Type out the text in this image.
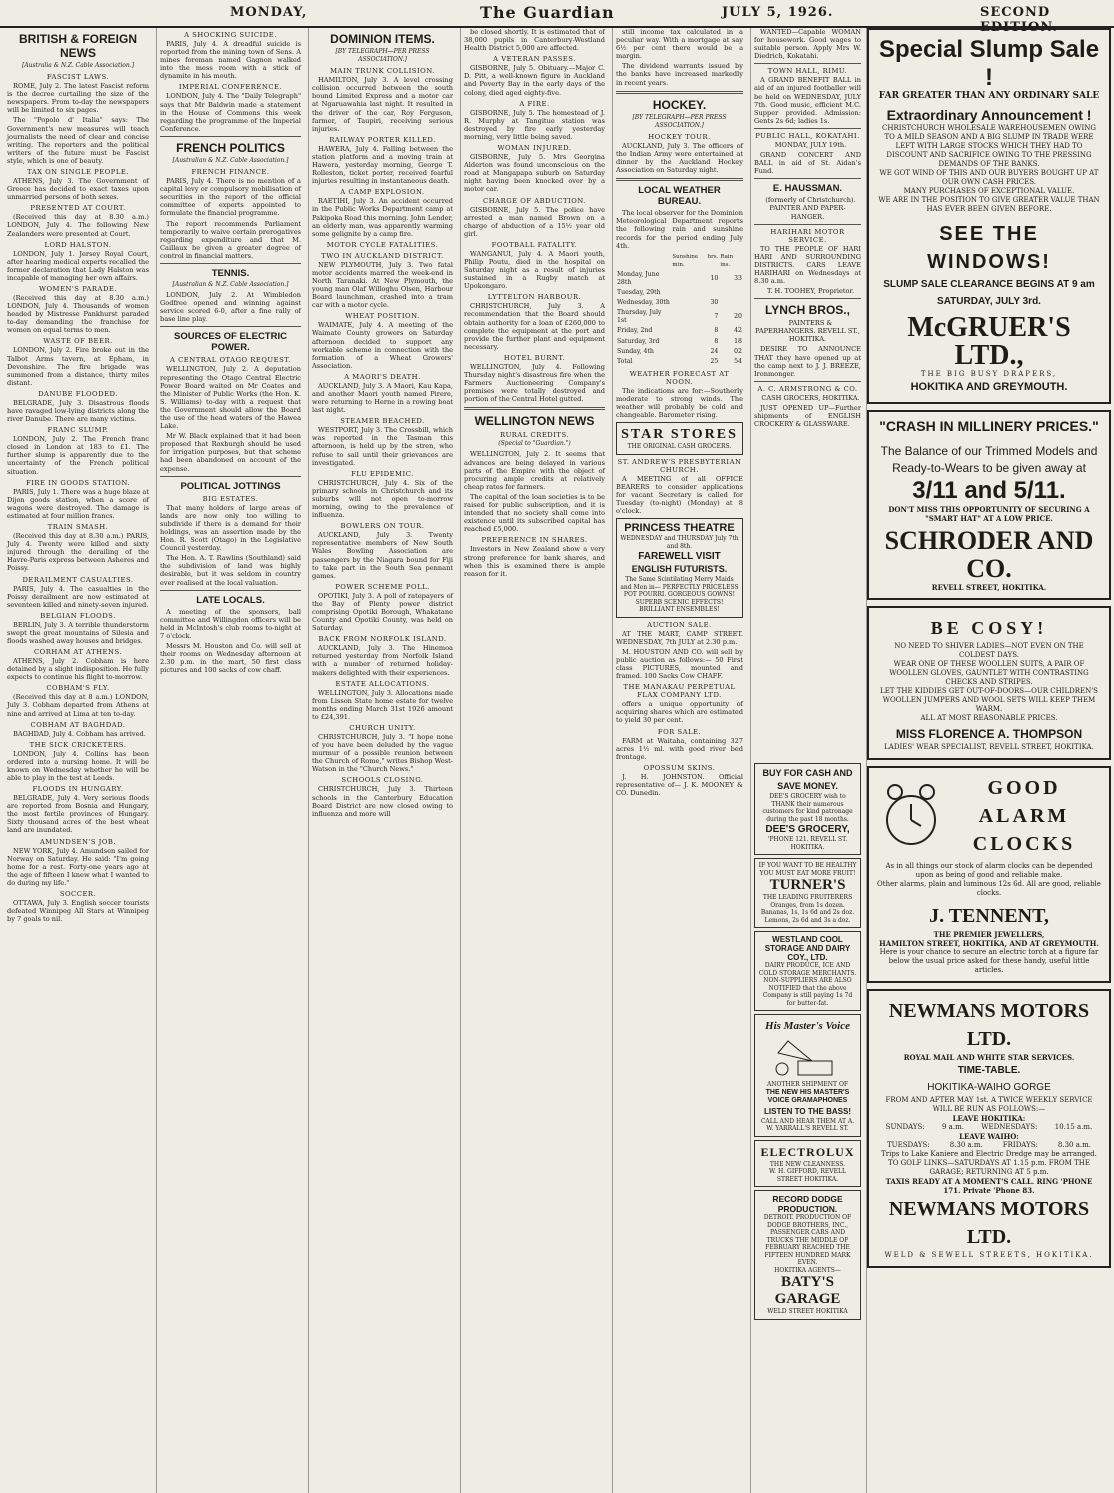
MONDAY,	The Guardian	JULY 5, 1926.	SECOND EDITION.
BRITISH & FOREIGN NEWS
[Australia & N.Z. Cable Association.]
FASCIST LAWS.

ROME, July 2. The latest Fascist reform is the decree curtailing the size of the newspapers. From to-day the newspapers will be limited to six pages.

The "Popolo d' Italia" says: The Government's new measures will teach journalists the need of clear and concise writing. The reporters and the political writers of the future must be Fascist style, which is one of beauty.

TAX ON SINGLE PEOPLE.

ATHENS, July 3. The Government of Greece has decided to exact taxes upon unmarried persons of both sexes.

PRESENTED AT COURT.

(Received this day at 8.30 a.m.) LONDON, July 4. The following New Zealanders were presented at Court.

LORD HALSTON.

LONDON, July 1. Jersey Royal Court, after hearing medical experts recalled the former declaration that Lady Halston was incapable of managing her own affairs.

WOMEN'S PARADE.

(Received this day at 8.30 a.m.) LONDON, July 4. Thousands of women headed by Mistresse Pankhurst paraded to-day demanding the franchise for women on equal terms to men.

WASTE OF BEER.

LONDON, July 2. Fire broke out in the Talbot Arms tavern, at Epham, in Devonshire. The fire brigade was summoned from a distance, thirty miles distant.

DANUBE FLOODED.

BELGRADE, July 3. Disastrous floods have ravaged low-lying districts along the river Danube. There are many victims.

FRANC SLUMP.

LONDON, July 2. The French franc closed in London at 183 to £1. The further slump is apparently due to the uncertainty of the French political situation.

FIRE IN GOODS STATION.

PARIS, July 1. There was a huge blaze at Dijon goods station, when a score of wagons were destroyed. The damage is estimated at four million francs.

TRAIN SMASH.

(Received this day at 8.30 a.m.) PARIS, July 4. Twenty were killed and sixty injured through the derailing of the Havre-Paris express between Asheres and Poissy.

DERAILMENT CASUALTIES.

PARIS, July 4. The casualties in the Poissy derailment are now estimated at seventeen killed and ninety-seven injured.

BELGIAN FLOODS.

BERLIN, July 3. A terrible thunderstorm swept the great mountains of Silesia and floods washed away houses and bridges.

CORHAM AT ATHENS.

ATHENS, July 2. Cobham is here detained by a slight indisposition. He fully expects to continue his flight to-morrow.

COBHAM'S FLY.

(Received this day at 8 a.m.) LONDON, July 3. Cobham departed from Athens at nine and arrived at Lima at ten to-day.

COBHAM AT BAGHDAD.

BAGHDAD, July 4. Cobham has arrived.

THE SICK CRICKETERS.

LONDON, July 4. Collins has been ordered into a nursing home. It will be known on Wednesday whether he will be able to play in the test at Leeds.

FLOODS IN HUNGARY.

BELGRADE, July 4. Very serious floods are reported from Bosnia and Hungary, the most fertile provinces of Hungary. Sixty thousand acres of the best wheat land are inundated.

AMUNDSEN'S JOB.

NEW YORK, July 4. Amundsen sailed for Norway on Saturday. He said: "I'm going home for a rest. Forty-one years ago at the age of fifteen I knew what I wanted to do during my life."

SOCCER.

OTTAWA, July 3. English soccer tourists defeated Winnipeg All Stars at Winnipeg by 7 goals to nil.

A SHOCKING SUICIDE.

PARIS, July 4. A dreadful suicide is reported from the mining town of Sens. A mines foreman named Gagnon walked into the mess room with a stick of dynamite in his mouth.

IMPERIAL CONFERENCE.

LONDON, July 4. The "Daily Telegraph" says that Mr Baldwin made a statement in the House of Commons this week regarding the programme of the Imperial Conference.

FRENCH POLITICS
[Australian & N.Z. Cable Association.]
FRENCH FINANCE.

PARIS, July 4. There is no mention of a capital levy or compulsory mobilisation of securities in the report of the official committee of experts appointed to formulate the financial programme.

The report recommends Parliament temporarily to waive certain prerogatives regarding expenditure and that M. Caillaux be given a greater degree of control in financial matters.

TENNIS.
[Australian & N.Z. Cable Association.]

LONDON, July 2. At Wimbledon Godfree opened and winning against service scored 6-0, after a fine rally of base line play.

SOURCES OF ELECTRIC POWER.
A CENTRAL OTAGO REQUEST.

WELLINGTON, July 2. A deputation representing the Otago Central Electric Power Board waited on Mr Coates and the Minister of Public Works (the Hon. K. S. Williams) to-day with a request that the Government should allow the Board the use of the head waters of the Hawea Lake.

Mr W. Black explained that it had been proposed that Roxburgh should be used for irrigation purposes, but that scheme had been abandoned on account of the expense.

POLITICAL JOTTINGS
BIG ESTATES.

That many holders of large areas of lands are now only too willing to subdivide if there is a demand for their holdings, was an assertion made by the Hon. R. Scott (Otago) in the Legislative Council yesterday.

The Hon. A. T. Rawlins (Southland) said the subdivision of land was highly desirable, but it was seldom in country ever realised at the local valuation.

LATE LOCALS.

A meeting of the sponsors, ball committee and Willingdon officers will be held in McIntosh's club rooms to-night at 7 o'clock.

Messrs M. Houston and Co. will sell at their rooms on Wednesday afternoon at 2.30 p.m. in the mart, 50 first class pictures and 100 sacks of cow chaff.

DOMINION ITEMS.
[BY TELEGRAPH—PER PRESS ASSOCIATION.]
MAIN TRUNK COLLISION.

HAMILTON, July 3. A level crossing collision occurred between the south bound Limited Express and a motor car at Ngaruawahia last night. It resulted in the driver of the car, Roy Ferguson, farmer, of Taupiri, receiving serious injuries.

RAILWAY PORTER KILLED.

HAWERA, July 4. Falling between the station platform and a moving train at Hawera, yesterday morning, George T. Rolleston, ticket porter, received fearful injuries resulting in instantaneous death.

A CAMP EXPLOSION.

RAETIHI, July 3. An accident occurred in the Public Works Department camp at Pakipoka Road this morning. John Lender, an elderly man, was apparently warming some gelignite by a camp fire.

MOTOR CYCLE FATALITIES.
TWO IN AUCKLAND DISTRICT.

NEW PLYMOUTH, July 3. Two fatal motor accidents marred the week-end in North Taranaki. At New Plymouth, the young man Olaf Willoghu Olsen, Harbour Board launchman, crashed into a tram car with a motor cycle.

WHEAT POSITION.

WAIMATE, July 4. A meeting of the Waimate County growers on Saturday afternoon decided to support any workable scheme in connection with the formation of a Wheat Growers' Association.

A MAORI'S DEATH.

AUCKLAND, July 3. A Maori, Kau Kapa, and another Maori youth named Pirere, were returning to Herne in a rowing boat last night.

STEAMER BEACHED.

WESTPORT, July 3. The Crossbill, which was reported in the Tasman this afternoon, is held up by the stren, who refuse to sail until their grievances are investigated.

FLU EPIDEMIC.

CHRISTCHURCH, July 4. Six of the primary schools in Christchurch and its suburbs will not open to-morrow morning, owing to the prevalence of influenza.

BOWLERS ON TOUR.

AUCKLAND, July 3. Twenty representative members of New South Wales Bowling Association are passengers by the Niagara bound for Fiji to take part in the South Sea pennant games.

POWER SCHEME POLL.

OPOTIKI, July 3. A poll of ratepayers of the Bay of Plenty power district comprising Opotiki Borough, Whakatane County and Opotiki County, was held on Saturday.

BACK FROM NORFOLK ISLAND.

AUCKLAND, July 3. The Hinemoa returned yesterday from Norfolk Island with a number of returned holiday-makers delighted with their experiences.

ESTATE ALLOCATIONS.

WELLINGTON, July 3. Allocations made from Lisson State home estate for twelve months ending March 31st 1926 amount to £24,391.

CHURCH UNITY.

CHRISTCHURCH, July 3. "I hope none of you have been deluded by the vague murmur of a possible reunion between the Church of Rome," writes Bishop West-Watson in the "Church News."

SCHOOLS CLOSING.

CHRISTCHURCH, July 3. Thirteen schools in the Canterbury Education Board District are now closed owing to influenza and more will

be closed shortly. It is estimated that of 38,000 pupils in Canterbury-Westland Health District 5,000 are affected.

A VETERAN PASSES.

GISBORNE, July 5. Obituary.—Major C. D. Pitt, a well-known figure in Auckland and Poverty Bay in the early days of the colony, died aged eighty-five.

A FIRE.

GISBORNE, July 5. The homestead of J. R. Murphy at Tangitue station was destroyed by fire early yesterday morning, very little being saved.

WOMAN INJURED.

GISBORNE, July 5. Mrs Georgina Alderton was found unconscious on the road at Mangapapa suburb on Saturday night having been knocked over by a motor car.

CHARGE OF ABDUCTION.

GISBORNE, July 5. The police have arrested a man named Brown on a charge of abduction of a 15½ year old girl.

FOOTBALL FATALITY.

WANGANUI, July 4. A Maori youth, Philip Poutu, died in the hospital on Saturday night as a result of injuries sustained in a Rugby match at Upokongaro.

LYTTELTON HARBOUR.

CHRISTCHURCH, July 3. A recommendation that the Board should obtain authority for a loan of £260,000 to complete the equipment at the port and provide the further plant and equipment necessary.

HOTEL BURNT.

WELLINGTON, July 4. Following Thursday night's disastrous fire when the Farmers Auctioneering Company's premises were totally destroyed and portion of the Central Hotel gutted.

WELLINGTON NEWS
RURAL CREDITS.
(Special to "Guardian.")

WELLINGTON, July 2. It seems that advances are being delayed in various parts of the Empire with the object of procuring ample credits at relatively cheap rates for farmers.

The capital of the loan societies is to be raised for public subscription, and it is intended that no society shall come into existence until its subscribed capital has reached £5,000.

PREFERENCE IN SHARES.

Investors in New Zealand show a very strong preference for bank shares, and when this is examined there is ample reason for it.

still income tax calculated in a peculiar way. With a mortgage at say 6½ per cent there would be a margin.

The dividend warrants issued by the banks have increased markedly in recent years.

HOCKEY.
[BY TELEGRAPH—PER PRESS ASSOCIATION.]
HOCKEY TOUR.

AUCKLAND, July 3. The officers of the Indian Army were entertained at dinner by the Auckland Hockey Association on Saturday night.

LOCAL WEATHER BUREAU.

The local observer for the Dominion Meteorological Department reports the following rain and sunshine records for the period ending July 4th.

	Sunshine hrs. min.	Rain ins.
Monday, June 28th	10	33
Tuesday, 29th		
Wednesday, 30th	30	
Thursday, July 1st	7	20
Friday, 2nd	8	42
Saturday, 3rd	8	18
Sunday, 4th	24	02
Total	25	54
WEATHER FORECAST AT NOON.

The indications are for:—Southerly moderate to strong winds. The weather will probably be cold and changeable. Barometer rising.

STAR STORES
THE ORIGINAL CASH GROCERS.
ST. ANDREW'S PRESBYTERIAN CHURCH.

A MEETING of all OFFICE BEARERS to consider applications for vacant Secretary is called for Tuesday (to-night) (Monday) at 8 o'clock.

PRINCESS THEATRE
WEDNESDAY and THURSDAY July 7th and 8th.
FAREWELL VISIT
ENGLISH FUTURISTS.
The Same Scintilating Merry Maids and Men in— PERFECTLY PRICELESS POT POURRI. GORGEOUS GOWNS! SUPERB SCENIC EFFECTS! BRILLIANT ENSEMBLES!
AUCTION SALE.

AT THE MART, CAMP STREET. WEDNESDAY, 7th JULY at 2.30 p.m.

M. HOUSTON AND CO. will sell by public auction as follows:— 50 First class PICTURES, mounted and framed. 100 Sacks Cow CHAFF.

THE MANAKAU PERPETUAL FLAX COMPANY LTD.

offers a unique opportunity of acquiring shares which are estimated to yield 30 per cent.

FOR SALE.

FARM at Waitaha, containing 327 acres 1½ ml. with good river bed frontage.

OPOSSUM SKINS.

J. H. JOHNSTON. Official representative of— J. K. MOONEY & CO. Dunedin.

WANTED—Capable WOMAN for housework. Good wages to suitable person. Apply Mrs W. Diedrich, Kokatahi.

TOWN HALL, RIMU.

A GRAND BENEFIT BALL in aid of an injured footballer will be held on WEDNESDAY, JULY 7th. Good music, efficient M.C. Supper provided. Admission: Gents 2s 6d; ladies 1s.

PUBLIC HALL, KOKATAHI.

MONDAY, JULY 19th.

GRAND CONCERT AND BALL in aid of St. Aidan's Fund.

E. HAUSSMAN.

(formerly of Christchurch). PAINTER AND PAPER-HANGER.

HARIHARI MOTOR SERVICE.

TO THE PEOPLE OF HARI HARI AND SURROUNDING DISTRICTS. CARS LEAVE HARIHARI on Wednesdays at 8.30 a.m.

T. H. TOOHEY, Proprietor.

LYNCH BROS.,

PAINTERS & PAPERHANGERS. REVELL ST., HOKITIKA.

DESIRE TO ANNOUNCE THAT they have opened up at the camp next to J. J. BREEZE, Ironmonger.

A. C. ARMSTRONG & CO.

CASH GROCERS, HOKITIKA.

JUST OPENED UP—Further shipments of ENGLISH CROCKERY & GLASSWARE.

Special Slump Sale !
FAR GREATER THAN ANY ORDINARY SALE
Extraordinary Announcement !
CHRISTCHURCH WHOLESALE WAREHOUSEMEN OWING TO A MILD SEASON AND A BIG SLUMP IN TRADE WERE LEFT WITH LARGE STOCKS WHICH THEY HAD TO DISCOUNT AND SACRIFICE OWING TO THE PRESSING DEMANDS OF THE BANKS.
WE GOT WIND OF THIS AND OUR BUYERS BOUGHT UP AT OUR OWN CASH PRICES.
MANY PURCHASES OF EXCEPTIONAL VALUE.
WE ARE IN THE POSITION TO GIVE GREATER VALUE THAN HAS EVER BEEN GIVEN BEFORE.
SEE THE WINDOWS!
SLUMP SALE CLEARANCE BEGINS AT 9 am SATURDAY, JULY 3rd.
McGRUER'S LTD.,
THE BIG BUSY DRAPERS,
HOKITIKA AND GREYMOUTH.
"CRASH IN MILLINERY PRICES."
The Balance of our Trimmed Models and Ready-to-Wears to be given away at
3/11 and 5/11.
DON'T MISS THIS OPPORTUNITY OF SECURING A "SMART HAT" AT A LOW PRICE.
SCHRODER AND CO.
REVELL STREET, HOKITIKA.
BE COSY!
NO NEED TO SHIVER LADIES—NOT EVEN ON THE COLDEST DAYS.
WEAR ONE OF THESE WOOLLEN SUITS, A PAIR OF WOOLLEN GLOVES, GAUNTLET WITH CONTRASTING CHECKS AND STRIPES.
LET THE KIDDIES GET OUT-OF-DOORS—OUR CHILDREN'S WOOLLEN JUMPERS AND WOOL SETS WILL KEEP THEM WARM.
ALL AT MOST REASONABLE PRICES.
MISS FLORENCE A. THOMPSON
LADIES' WEAR SPECIALIST, REVELL STREET, HOKITIKA.
GOOD
ALARM
CLOCKS
As in all things our stock of alarm clocks can be depended upon as being of good and reliable make.
Other alarms, plain and luminous 12s 6d. All are good, reliable clocks.
J. TENNENT,
THE PREMIER JEWELLERS,
HAMILTON STREET, HOKITIKA, AND AT GREYMOUTH.
Here is your chance to secure an electric torch at a figure far below the usual price asked for these handy, useful little articles.
NEWMANS MOTORS LTD.
ROYAL MAIL AND WHITE STAR SERVICES.
TIME-TABLE.
HOKITIKA-WAIHO GORGE
FROM AND AFTER MAY 1st. A TWICE WEEKLY SERVICE WILL BE RUN AS FOLLOWS:—
LEAVE HOKITIKA:
SUNDAYS: 9 a.m. WEDNESDAYS: 10.15 a.m.
LEAVE WAIHO:
TUESDAYS:	8.30 a.m.	FRIDAYS:	8.30 a.m.
Trips to Lake Kaniere and Electric Dredge may be arranged.
TO GOLF LINKS—SATURDAYS AT 1.15 p.m. FROM THE GARAGE; RETURNING AT 5 p.m.
TAXIS READY AT A MOMENT'S CALL. RING 'PHONE 171. Private 'Phone 83.
NEWMANS MOTORS LTD.
WELD & SEWELL STREETS, HOKITIKA.
BUY FOR CASH AND SAVE MONEY.
DEE'S GROCERY wish to THANK their numerous customers for kind patronage during the past 18 months.
DEE'S GROCERY,
'PHONE 121. REVELL ST. HOKITIKA.
IF YOU WANT TO BE HEALTHY YOU MUST EAT MORE FRUIT!
TURNER'S
THE LEADING FRUITERERS
Oranges, from 1s dozen. Bananas, 1s, 1s 6d and 2s doz. Lemons, 2s 6d and 3s a doz.
WESTLAND COOL STORAGE AND DAIRY COY., LTD.
DAIRY PRODUCE, ICE AND COLD STORAGE MERCHANTS.
NON-SUPPLIERS ARE ALSO NOTIFIED that the above Company is still paying 1s 7d for butter-fat.
His Master's Voice
ANOTHER SHIPMENT OF
THE NEW HIS MASTER'S VOICE GRAMAPHONES
LISTEN TO THE BASS!
CALL AND HEAR THEM AT A. W. YARRALL'S REVELL ST.
ELECTROLUX
THE NEW CLEANNESS.
W. H. GIFFORD, REVELL STREET HOKITIKA.
RECORD DODGE PRODUCTION.
DETROIT. PRODUCTION OF DODGE BROTHERS, INC., PASSENGER CARS AND TRUCKS THE MIDDLE OF FEBRUARY REACHED THE FIFTEEN HUNDRED MARK EVEN.
HOKITIKA AGENTS—
BATY'S GARAGE
WELD STREET HOKITIKA
